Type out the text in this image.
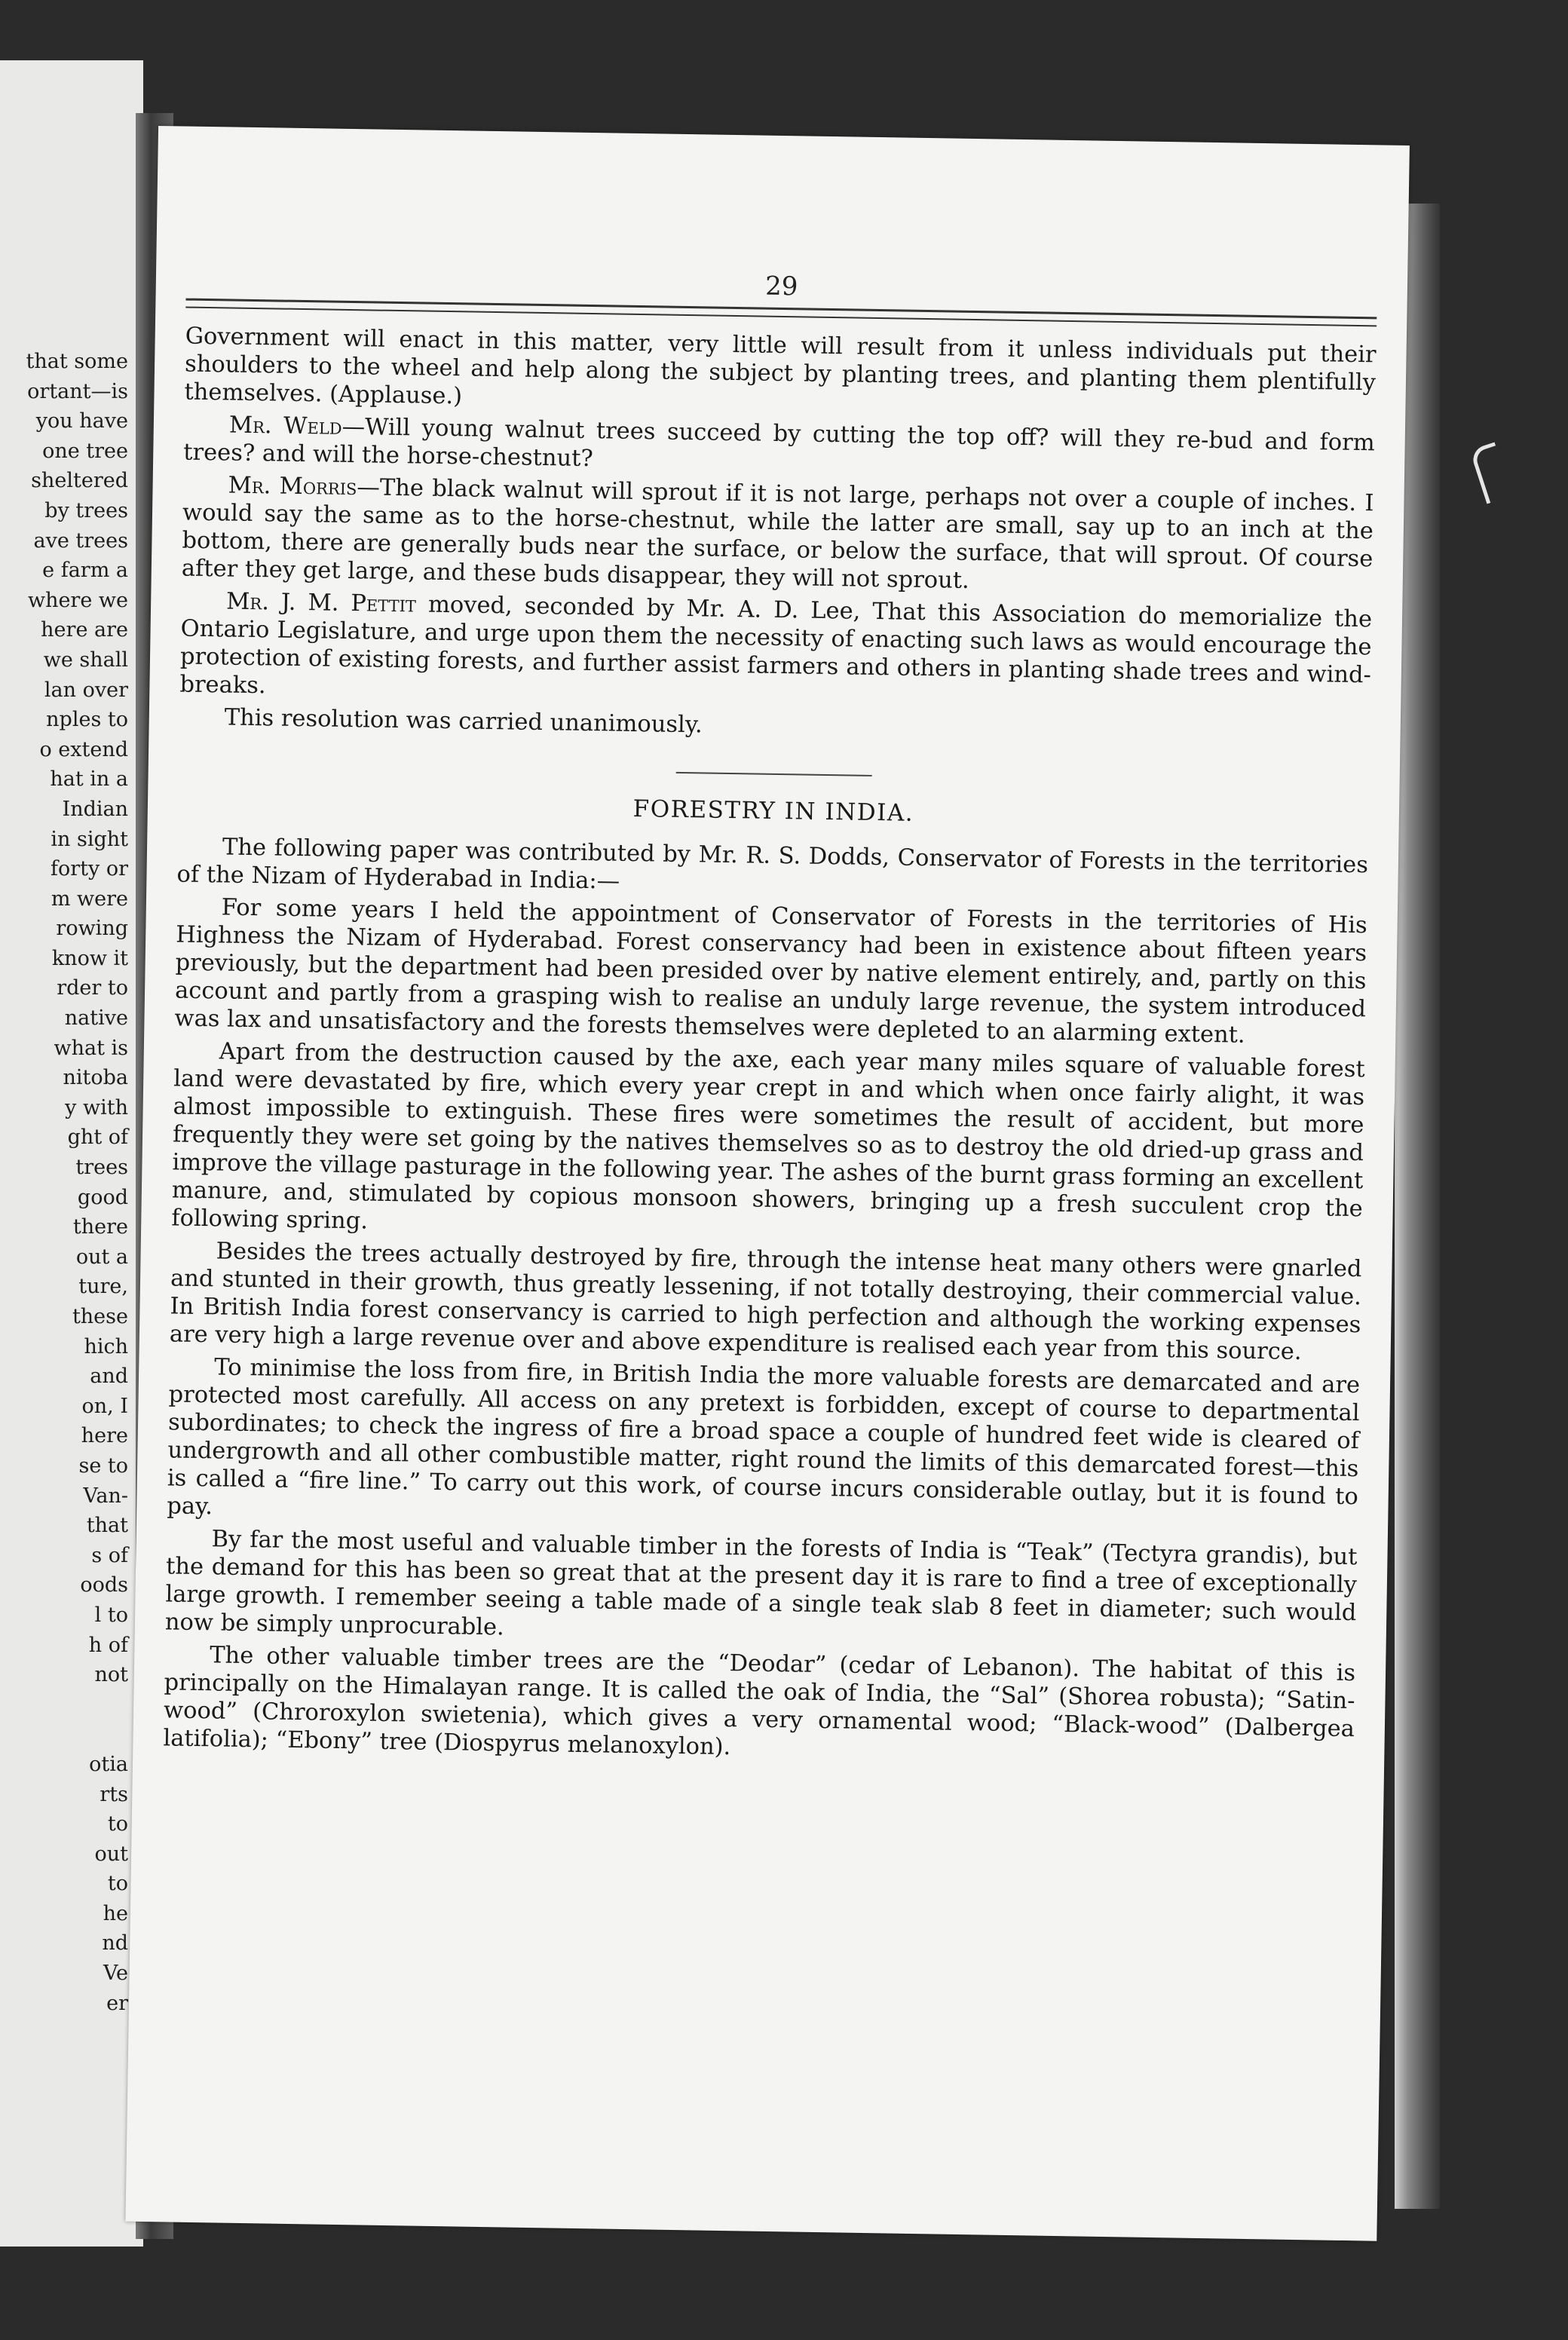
that some
ortant—is
you have
one tree
sheltered
by trees
ave trees
e farm a
where we
here are
we shall
lan over
nples to
o extend
hat in a
Indian
in sight
forty or
m were
rowing
know it
rder to
native
what is
nitoba
y with
ght of
trees
good
there
out a
ture,
these
hich
and
on, I
here
se to
Van-
that
s of
oods
l to
h of
not

otia
rts
to
out
to
he
nd
Ve
er
29

Government will enact in this matter, very little will result from it unless individuals put their shoulders to the wheel and help along the subject by planting trees, and planting them plentifully themselves. (Applause.)

Mr. Weld—Will young walnut trees succeed by cutting the top off? will they re-bud and form trees? and will the horse-chestnut?

Mr. Morris—The black walnut will sprout if it is not large, perhaps not over a couple of inches. I would say the same as to the horse-chestnut, while the latter are small, say up to an inch at the bottom, there are generally buds near the surface, or below the surface, that will sprout. Of course after they get large, and these buds disappear, they will not sprout.

Mr. J. M. Pettit moved, seconded by Mr. A. D. Lee, That this Association do memorialize the Ontario Legislature, and urge upon them the necessity of enacting such laws as would encourage the protection of existing forests, and further assist farmers and others in planting shade trees and wind-breaks.

This resolution was carried unanimously.

FORESTRY IN INDIA.

The following paper was contributed by Mr. R. S. Dodds, Conservator of Forests in the territories of the Nizam of Hyderabad in India:—

For some years I held the appointment of Conservator of Forests in the territories of His Highness the Nizam of Hyderabad. Forest conservancy had been in existence about fifteen years previously, but the department had been presided over by native element entirely, and, partly on this account and partly from a grasping wish to realise an unduly large revenue, the system introduced was lax and unsatisfactory and the forests themselves were depleted to an alarming extent.

Apart from the destruction caused by the axe, each year many miles square of valuable forest land were devastated by fire, which every year crept in and which when once fairly alight, it was almost impossible to extinguish. These fires were sometimes the result of accident, but more frequently they were set going by the natives themselves so as to destroy the old dried-up grass and improve the village pasturage in the following year. The ashes of the burnt grass forming an excellent manure, and, stimulated by copious monsoon showers, bringing up a fresh succulent crop the following spring.

Besides the trees actually destroyed by fire, through the intense heat many others were gnarled and stunted in their growth, thus greatly lessening, if not totally destroying, their commercial value. In British India forest conservancy is carried to high perfection and although the working expenses are very high a large revenue over and above expenditure is realised each year from this source.

To minimise the loss from fire, in British India the more valuable forests are demarcated and are protected most carefully. All access on any pretext is forbidden, except of course to departmental subordinates; to check the ingress of fire a broad space a couple of hundred feet wide is cleared of undergrowth and all other combustible matter, right round the limits of this demarcated forest—this is called a “fire line.” To carry out this work, of course incurs considerable outlay, but it is found to pay.

By far the most useful and valuable timber in the forests of India is “Teak” (Tectyra grandis), but the demand for this has been so great that at the present day it is rare to find a tree of exceptionally large growth. I remember seeing a table made of a single teak slab 8 feet in diameter; such would now be simply unprocurable.

The other valuable timber trees are the “Deodar” (cedar of Lebanon). The habitat of this is principally on the Himalayan range. It is called the oak of India, the “Sal” (Shorea robusta); “Satin-wood” (Chroroxylon swietenia), which gives a very ornamental wood; “Black-wood” (Dalbergea latifolia); “Ebony” tree (Diospyrus melanoxylon).
